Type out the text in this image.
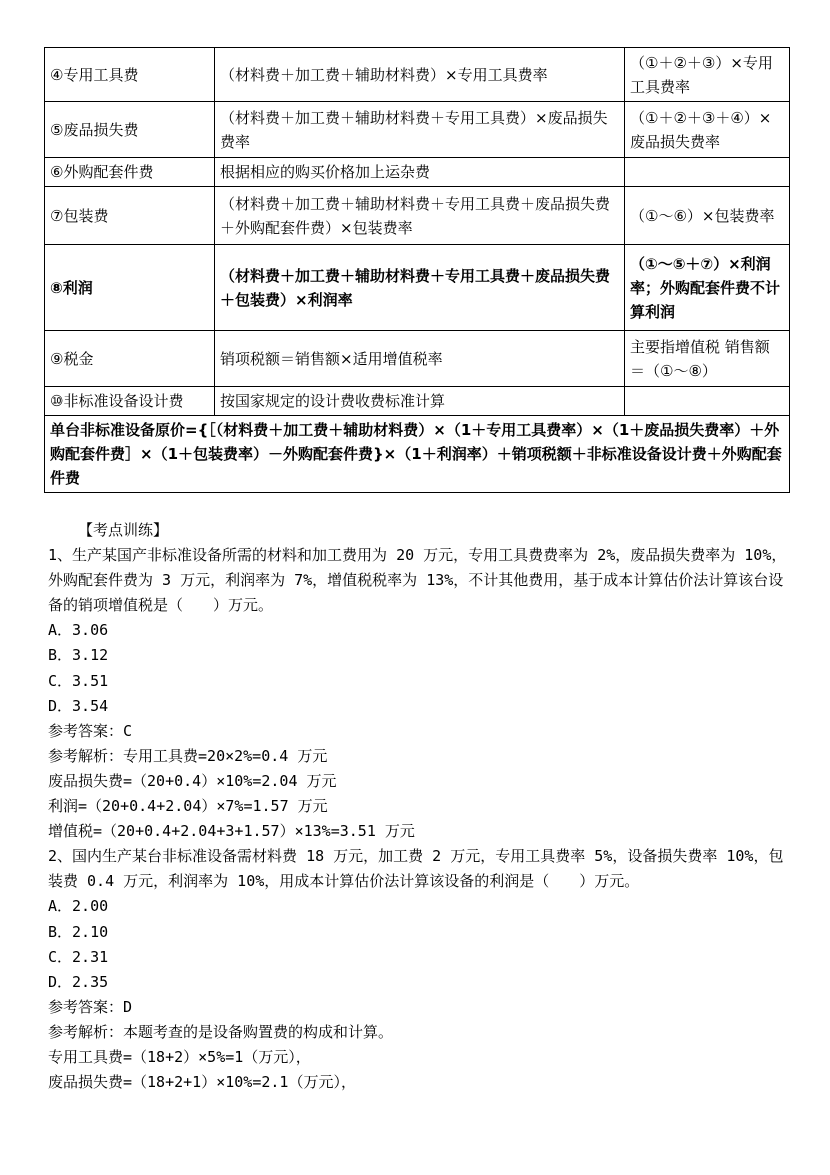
④专用工具费	（材料费＋加工费＋辅助材料费）×专用工具费率	（①＋②＋③）×专用工具费率
⑤废品损失费	（材料费＋加工费＋辅助材料费＋专用工具费）×废品损失费率	（①＋②＋③＋④）×废品损失费率
⑥外购配套件费	根据相应的购买价格加上运杂费	
⑦包装费	（材料费＋加工费＋辅助材料费＋专用工具费＋废品损失费＋外购配套件费）×包装费率	（①～⑥）×包装费率
⑧利润	（材料费＋加工费＋辅助材料费＋专用工具费＋废品损失费＋包装费）×利润率	（①～⑤＋⑦）×利润率；外购配套件费不计算利润
⑨税金	销项税额＝销售额×适用增值税率	主要指增值税 销售额＝（①～⑧）
⑩非标准设备设计费	按国家规定的设计费收费标准计算	
单台非标准设备原价={［（材料费＋加工费＋辅助材料费）×（1＋专用工具费率）×（1＋废品损失费率）＋外购配套件费］×（1＋包装费率）－外购配套件费}×（1＋利润率）＋销项税额＋非标准设备设计费＋外购配套件费		

【考点训练】

1、生产某国产非标准设备所需的材料和加工费用为 20 万元，专用工具费费率为 2%，废品损失费率为 10%，外购配套件费为 3 万元，利润率为 7%，增值税税率为 13%，不计其他费用，基于成本计算估价法计算该台设备的销项增值税是（　　）万元。

A．3.06

B．3.12

C．3.51

D．3.54

参考答案：C

参考解析：专用工具费=20×2%=0.4 万元

废品损失费=（20+0.4）×10%=2.04 万元

利润=（20+0.4+2.04）×7%=1.57 万元

增值税=（20+0.4+2.04+3+1.57）×13%=3.51 万元

2、国内生产某台非标准设备需材料费 18 万元，加工费 2 万元，专用工具费率 5%，设备损失费率 10%，包装费 0.4 万元，利润率为 10%，用成本计算估价法计算该设备的利润是（　　）万元。

A．2.00

B．2.10

C．2.31

D．2.35

参考答案：D

参考解析：本题考查的是设备购置费的构成和计算。

专用工具费=（18+2）×5%=1（万元），

废品损失费=（18+2+1）×10%=2.1（万元），
